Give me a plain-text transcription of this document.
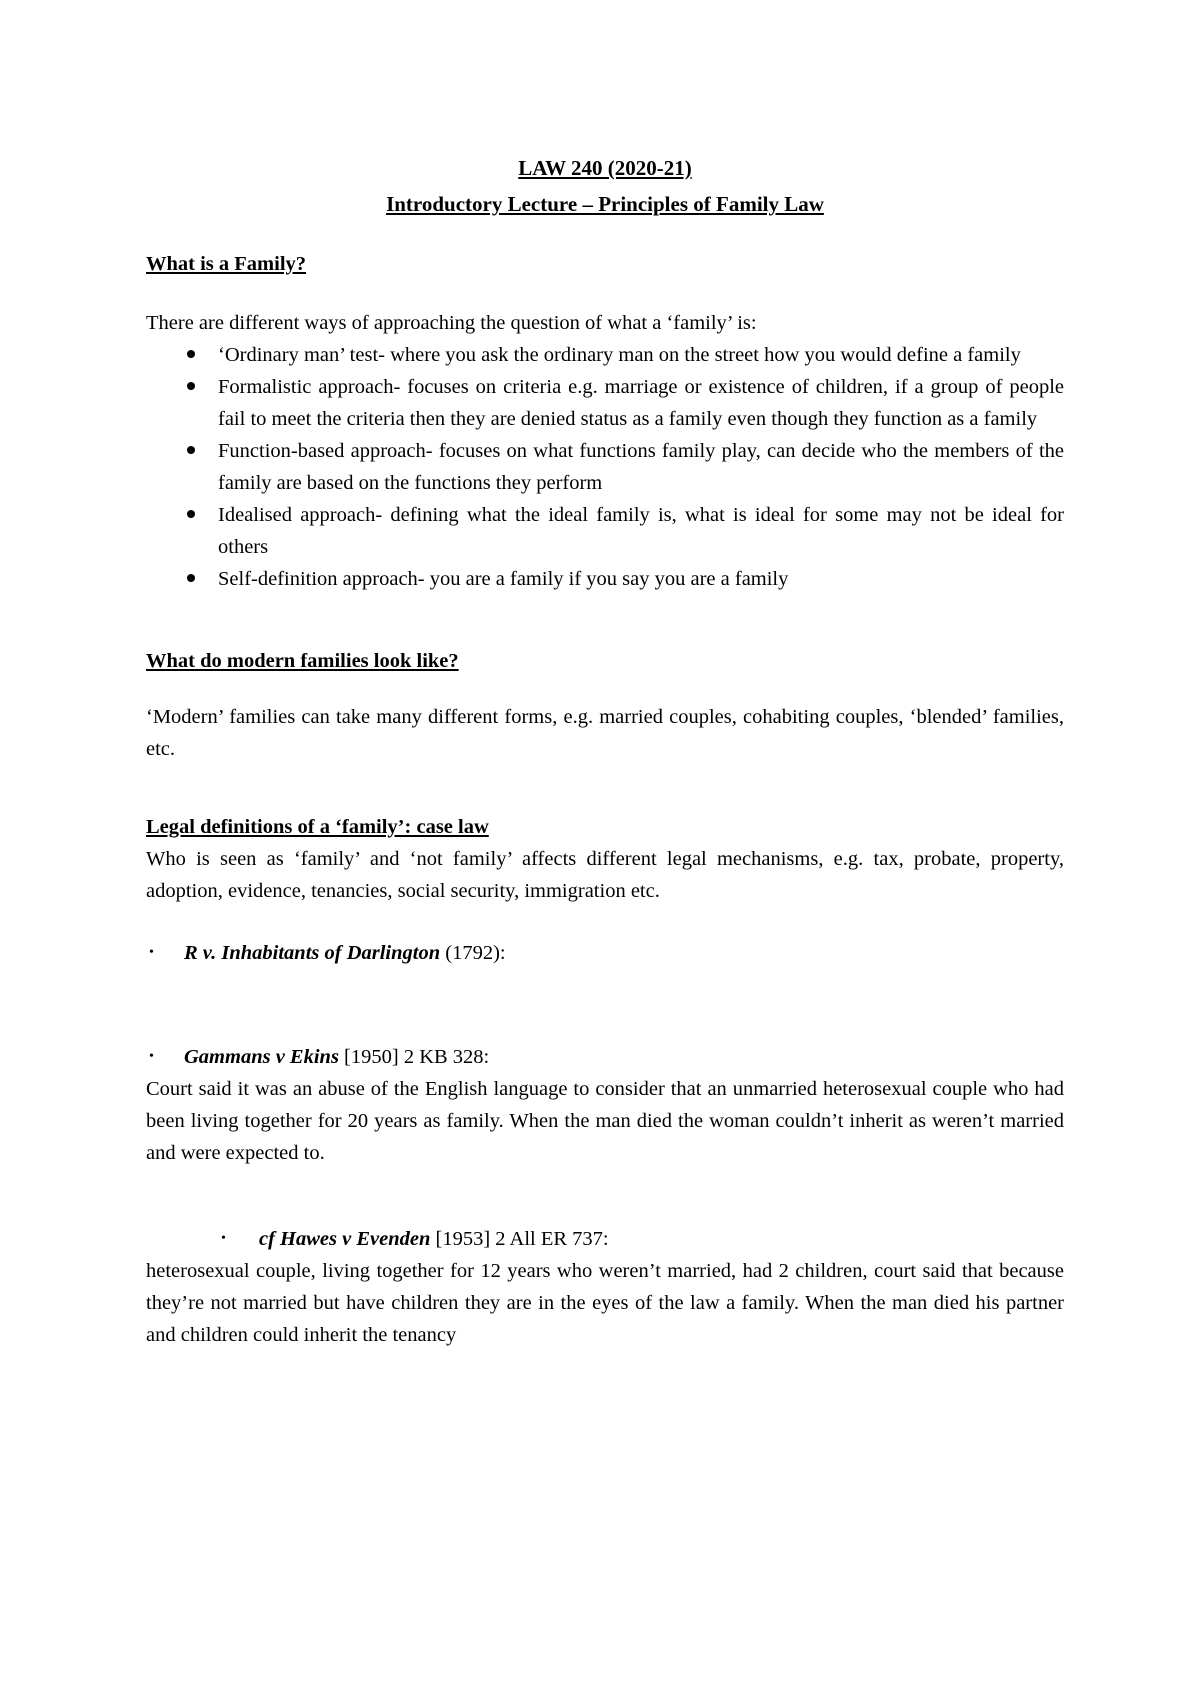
LAW 240 (2020-21)

Introductory Lecture – Principles of Family Law

What is a Family?

There are different ways of approaching the question of what a ‘family’ is:

‘Ordinary man’ test- where you ask the ordinary man on the street how you would define a family
Formalistic approach- focuses on criteria e.g. marriage or existence of children, if a group of people fail to meet the criteria then they are denied status as a family even though they function as a family
Function-based approach- focuses on what functions family play, can decide who the members of the family are based on the functions they perform
Idealised approach- defining what the ideal family is, what is ideal for some may not be ideal for others
Self-definition approach- you are a family if you say you are a family

What do modern families look like?

‘Modern’ families can take many different forms, e.g. married couples, cohabiting couples, ‘blended’ families, etc.

Legal definitions of a ‘family’: case law

Who is seen as ‘family’ and ‘not family’ affects different legal mechanisms, e.g. tax, probate, property, adoption, evidence, tenancies, social security, immigration etc.

• R v. Inhabitants of Darlington (1792):
• Gammans v Ekins [1950] 2 KB 328:

Court said it was an abuse of the English language to consider that an unmarried heterosexual couple who had been living together for 20 years as family. When the man died the woman couldn’t inherit as weren’t married and were expected to.

• cf Hawes v Evenden [1953] 2 All ER 737:

heterosexual couple, living together for 12 years who weren’t married, had 2 children, court said that because they’re not married but have children they are in the eyes of the law a family. When the man died his partner and children could inherit the tenancy
